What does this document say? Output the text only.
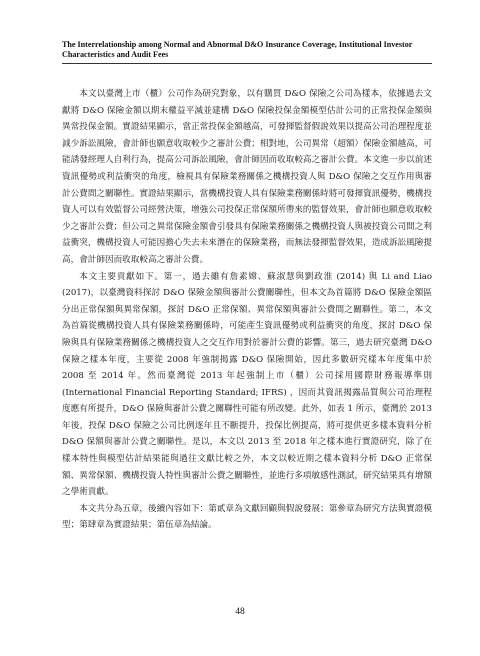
The Interrelationship among Normal and Abnormal D&O Insurance Coverage, Institutional Investor Characteristics and Audit Fees

本文以臺灣上市（櫃）公司作為研究對象，以有購買 D&O 保險之公司為樣本，依據過去文獻將 D&O 保險金額以期末權益平減並建構 D&O 保險投保金額模型估計公司的正常投保金額與異常投保金額。實證結果顯示，當正常投保金額越高，可發揮監督假說效果以提高公司治理程度並減少訴訟風險，會計師也願意收取較少之審計公費；相對地，公司異常（超額）保險金額越高，可能誘發經理人自利行為，提高公司訴訟風險，會計師因而收取較高之審計公費。本文進一步以前述資訊優勢或利益衝突的角度，檢視具有保險業務關係之機構投資人與 D&O 保險之交互作用與審計公費間之關聯性。實證結果顯示，當機構投資人具有保險業務關係時將可發揮資訊優勢，機構投資人可以有效監督公司經營決策，增強公司投保正常保額所帶來的監督效果，會計師也願意收取較少之審計公費；但公司之異常保險金額會引發具有保險業務關係之機構投資人與被投資公司間之利益衝突，機構投資人可能因擔心失去未來潛在的保險業務，而無法發揮監督效果，造成訴訟風險提高，會計師因而收取較高之審計公費。

本文主要貢獻如下。第一，過去雖有詹素嫦、蘇淑慧與劉政淮 (2014) 與 Li and Liao (2017)，以臺灣資料探討 D&O 保險金額與審計公費關聯性，但本文為首篇將 D&O 保險金額區分出正常保額與異常保額，探討 D&O 正常保額、異常保額與審計公費間之關聯性。第二，本文為首篇從機構投資人具有保險業務關係時，可能產生資訊優勢或利益衝突的角度，探討 D&O 保險與具有保險業務關係之機構投資人之交互作用對於審計公費的影響。第三，過去研究臺灣 D&O 保險之樣本年度，主要從 2008 年強制揭露 D&O 保險開始，因此多數研究樣本年度集中於 2008 至 2014 年。然而臺灣從 2013 年起強制上市（櫃）公司採用國際財務報導準則 (International Financial Reporting Standard; IFRS) ，因而其資訊揭露品質與公司治理程度應有所提升，D&O 保險與審計公費之關聯性可能有所改變。此外，如表 1 所示，臺灣於 2013 年後，投保 D&O 保險之公司比例逐年且不斷提升，投保比例提高，將可提供更多樣本資料分析 D&O 保額與審計公費之關聯性。是以，本文以 2013 至 2018 年之樣本進行實證研究，除了在樣本特性與模型估計結果能與過往文獻比較之外，本文以較近期之樣本資料分析 D&O 正常保額、異常保額、機構投資人特性與審計公費之關聯性，並進行多項敏感性測試，研究結果具有增額之學術貢獻。

本文共分為五章，後續內容如下：第貳章為文獻回顧與假說發展；第參章為研究方法與實證模型；第肆章為實證結果；第伍章為結論。

48
